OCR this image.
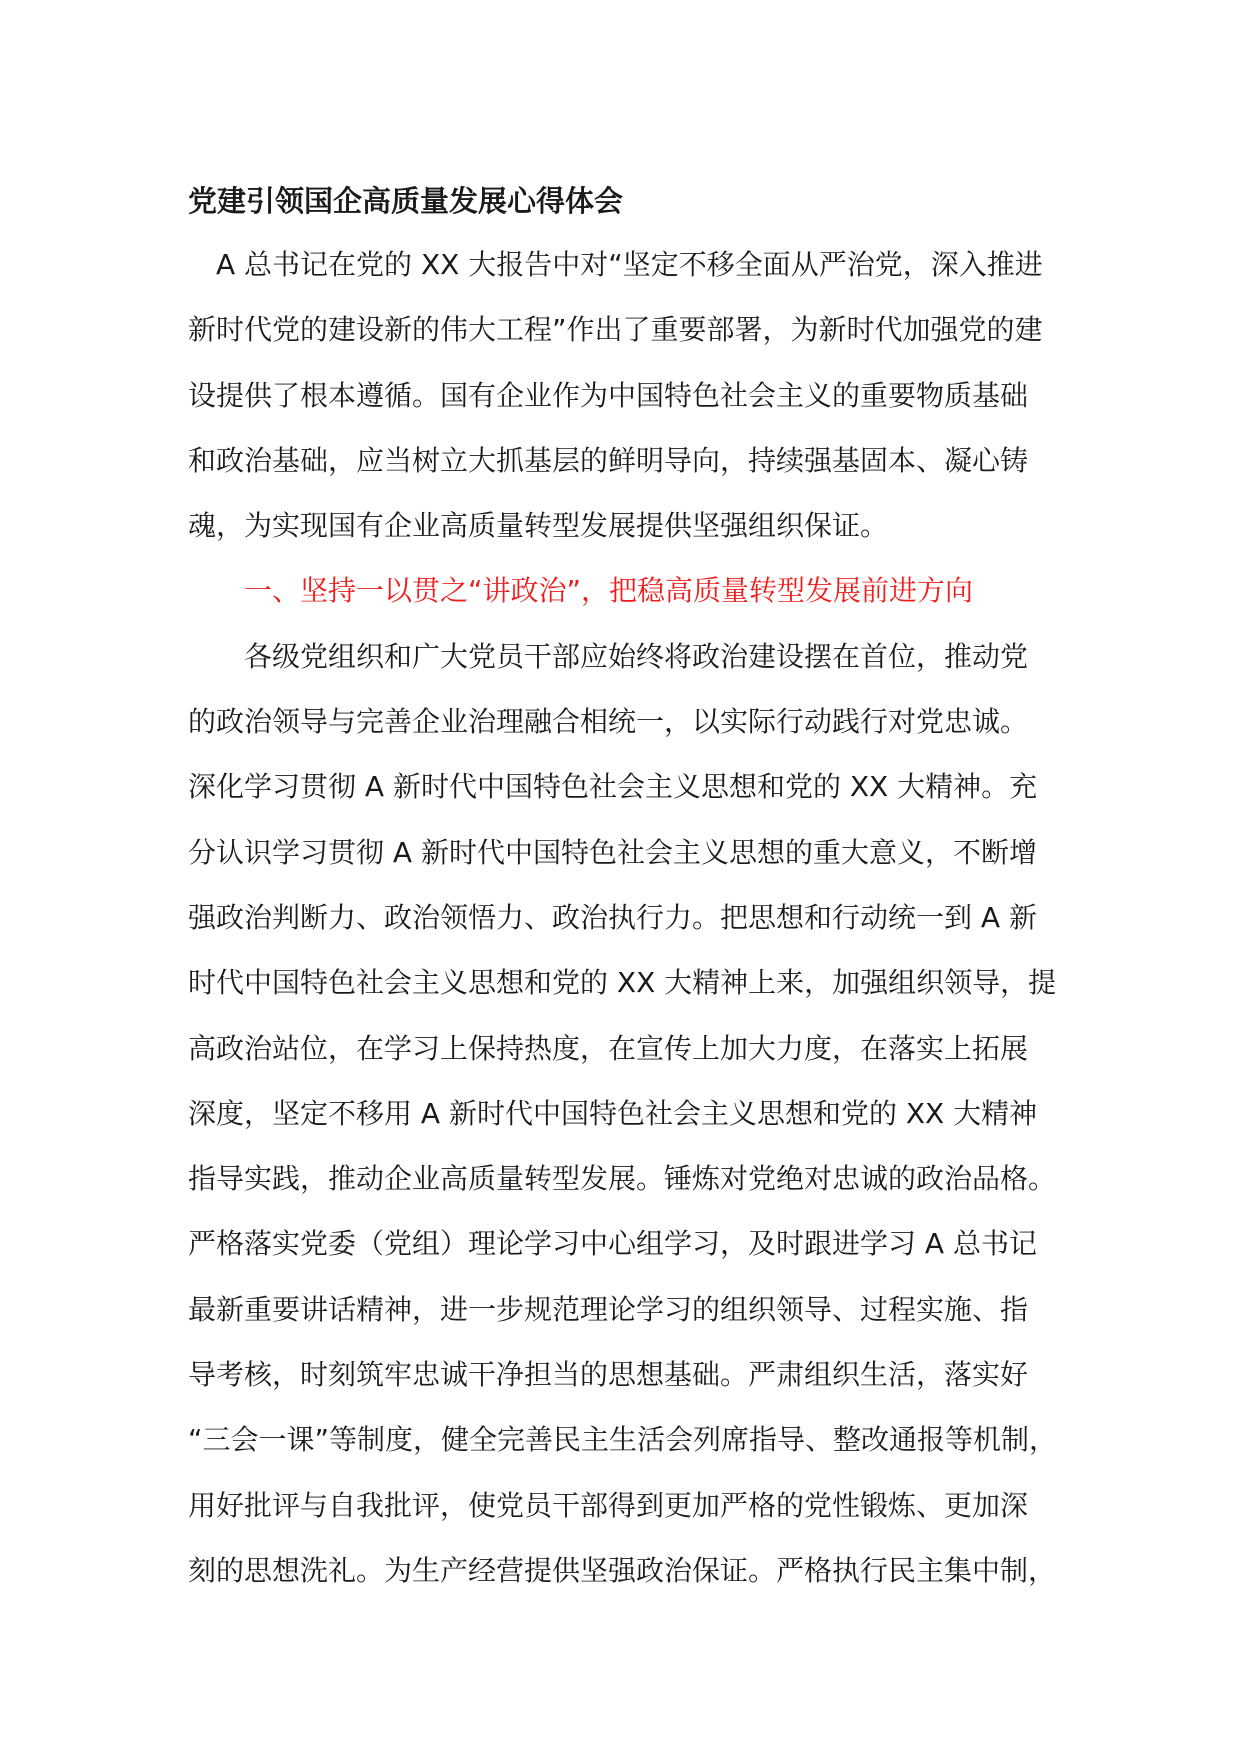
党建引领国企高质量发展心得体会
A 总书记在党的 XX 大报告中对“坚定不移全面从严治党，深入推进
新时代党的建设新的伟大工程”作出了重要部署，为新时代加强党的建
设提供了根本遵循。国有企业作为中国特色社会主义的重要物质基础
和政治基础，应当树立大抓基层的鲜明导向，持续强基固本、凝心铸
魂，为实现国有企业高质量转型发展提供坚强组织保证。
一、坚持一以贯之“讲政治”，把稳高质量转型发展前进方向
各级党组织和广大党员干部应始终将政治建设摆在首位，推动党
的政治领导与完善企业治理融合相统一，以实际行动践行对党忠诚。
深化学习贯彻 A 新时代中国特色社会主义思想和党的 XX 大精神。充
分认识学习贯彻 A 新时代中国特色社会主义思想的重大意义，不断增
强政治判断力、政治领悟力、政治执行力。把思想和行动统一到 A 新
时代中国特色社会主义思想和党的 XX 大精神上来，加强组织领导，提
高政治站位，在学习上保持热度，在宣传上加大力度，在落实上拓展
深度，坚定不移用 A 新时代中国特色社会主义思想和党的 XX 大精神
指导实践，推动企业高质量转型发展。锤炼对党绝对忠诚的政治品格。
严格落实党委（党组）理论学习中心组学习，及时跟进学习 A 总书记
最新重要讲话精神，进一步规范理论学习的组织领导、过程实施、指
导考核，时刻筑牢忠诚干净担当的思想基础。严肃组织生活，落实好
“三会一课”等制度，健全完善民主生活会列席指导、整改通报等机制，
用好批评与自我批评，使党员干部得到更加严格的党性锻炼、更加深
刻的思想洗礼。为生产经营提供坚强政治保证。严格执行民主集中制，
